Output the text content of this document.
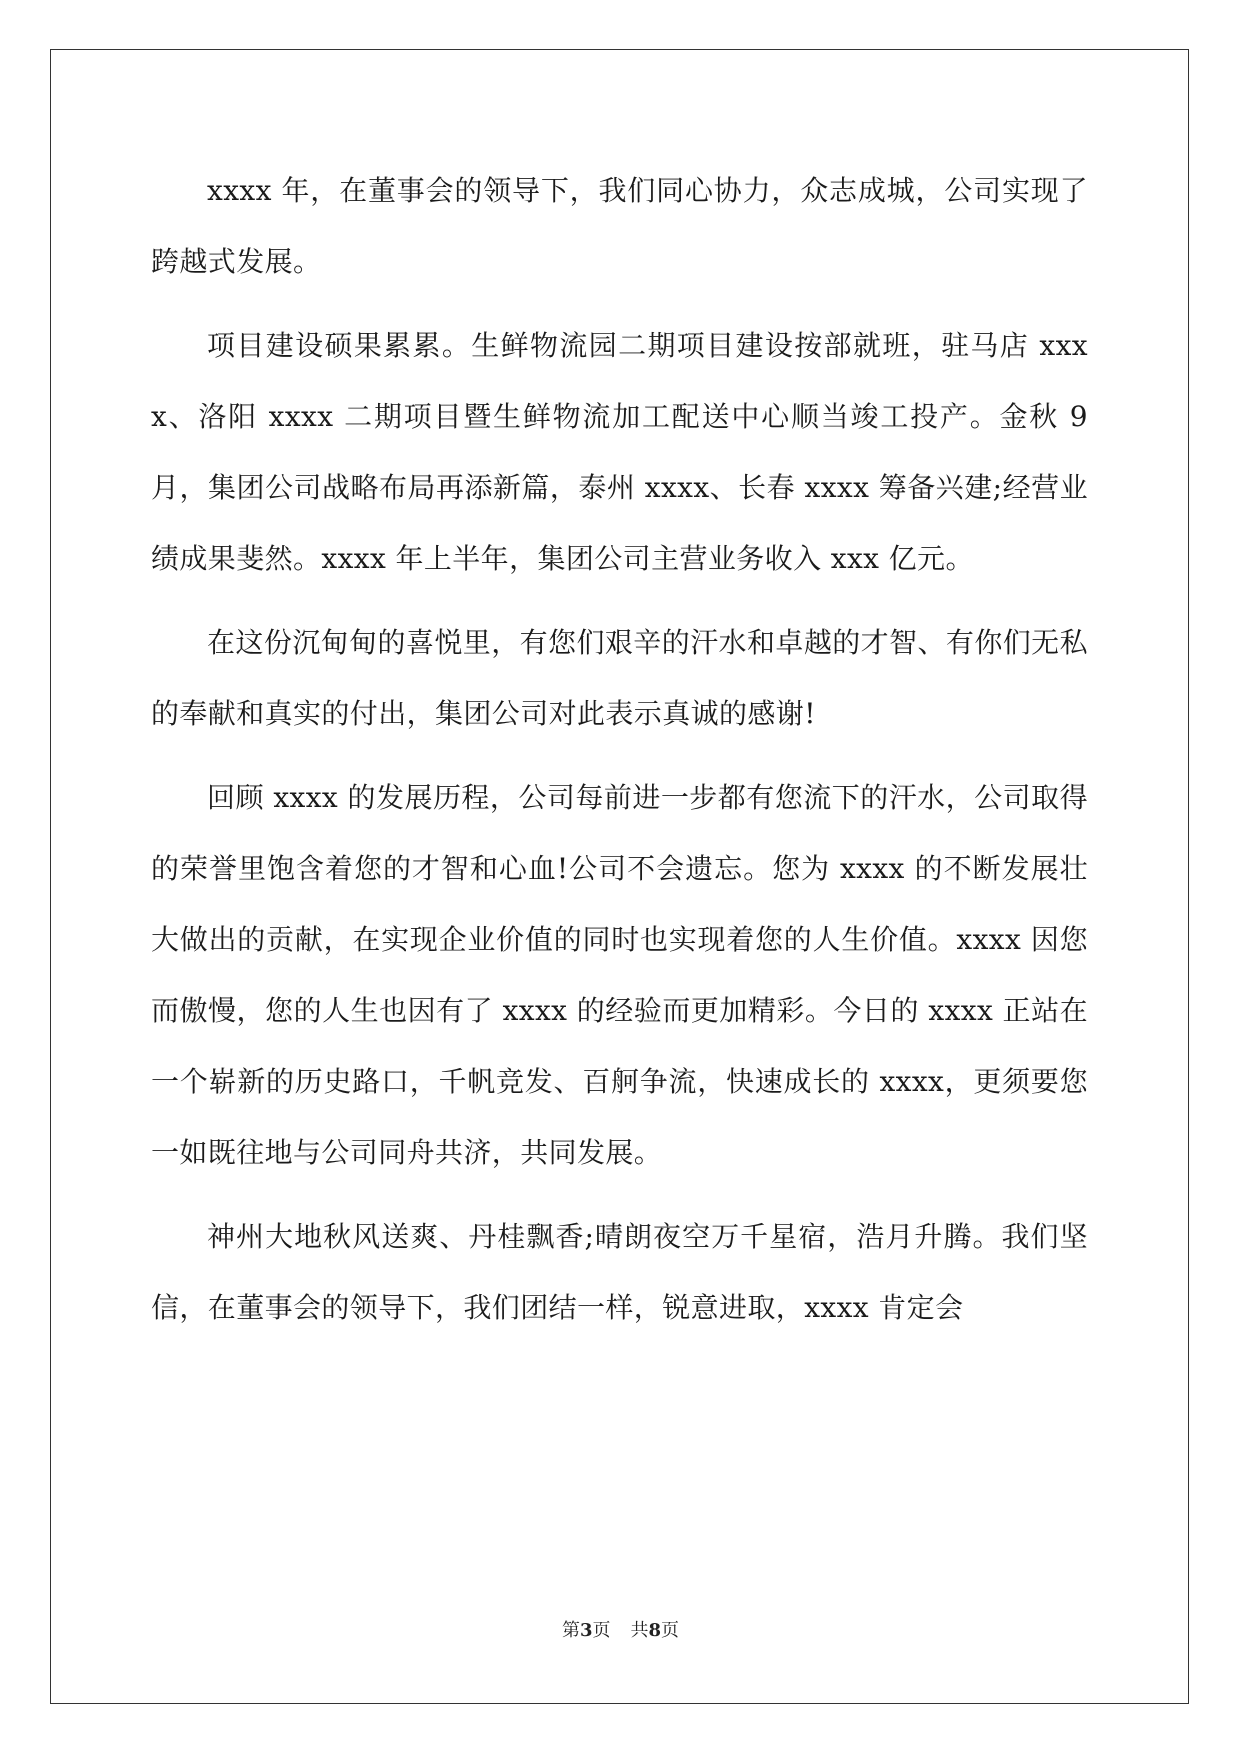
xxxx 年，在董事会的领导下，我们同心协力，众志成城，公司实现了跨越式发展。

项目建设硕果累累。生鲜物流园二期项目建设按部就班，驻马店 xxxx、洛阳 xxxx 二期项目暨生鲜物流加工配送中心顺当竣工投产。金秋 9 月，集团公司战略布局再添新篇，泰州 xxxx、长春 xxxx 筹备兴建;经营业绩成果斐然。xxxx 年上半年，集团公司主营业务收入 xxx 亿元。

在这份沉甸甸的喜悦里，有您们艰辛的汗水和卓越的才智、有你们无私的奉献和真实的付出，集团公司对此表示真诚的感谢!

回顾 xxxx 的发展历程，公司每前进一步都有您流下的汗水，公司取得的荣誉里饱含着您的才智和心血!公司不会遗忘。您为 xxxx 的不断发展壮大做出的贡献，在实现企业价值的同时也实现着您的人生价值。xxxx 因您而傲慢，您的人生也因有了 xxxx 的经验而更加精彩。今日的 xxxx 正站在一个崭新的历史路口，千帆竞发、百舸争流，快速成长的 xxxx，更须要您一如既往地与公司同舟共济，共同发展。

神州大地秋风送爽、丹桂飘香;晴朗夜空万千星宿，浩月升腾。我们坚信，在董事会的领导下，我们团结一样，锐意进取，xxxx 肯定会

第3页 共8页
